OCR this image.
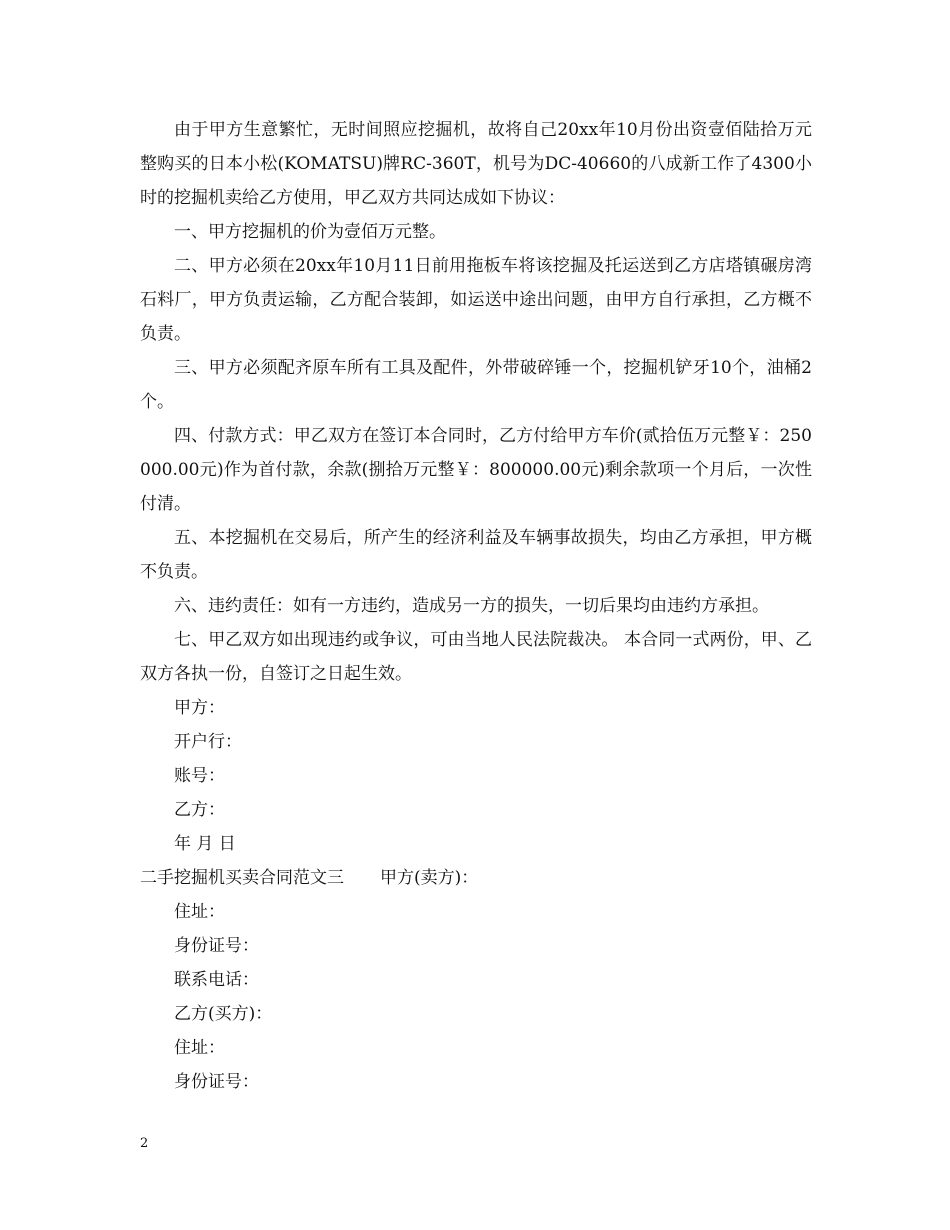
由于甲方生意繁忙，无时间照应挖掘机，故将自己20xx年10月份出资壹佰陆拾万元整购买的日本小松(KOMATSU)牌RC-360T，机号为DC-40660的八成新工作了4300小时的挖掘机卖给乙方使用，甲乙双方共同达成如下协议：

一、甲方挖掘机的价为壹佰万元整。

二、甲方必须在20xx年10月11日前用拖板车将该挖掘及托运送到乙方店塔镇碾房湾石料厂，甲方负责运输，乙方配合装卸，如运送中途出问题，由甲方自行承担，乙方概不负责。

三、甲方必须配齐原车所有工具及配件，外带破碎锤一个，挖掘机铲牙10个，油桶2个。

四、付款方式：甲乙双方在签订本合同时，乙方付给甲方车价(贰拾伍万元整￥：250000.00元)作为首付款，余款(捌拾万元整￥：800000.00元)剩余款项一个月后，一次性付清。

五、本挖掘机在交易后，所产生的经济利益及车辆事故损失，均由乙方承担，甲方概不负责。

六、违约责任：如有一方违约，造成另一方的损失，一切后果均由违约方承担。

七、甲乙双方如出现违约或争议，可由当地人民法院裁决。 本合同一式两份，甲、乙双方各执一份，自签订之日起生效。

甲方：

开户行：

账号：

乙方：

年 月 日

二手挖掘机买卖合同范文三 甲方(卖方)：

住址：

身份证号：

联系电话：

乙方(买方)：

住址：

身份证号：

2
